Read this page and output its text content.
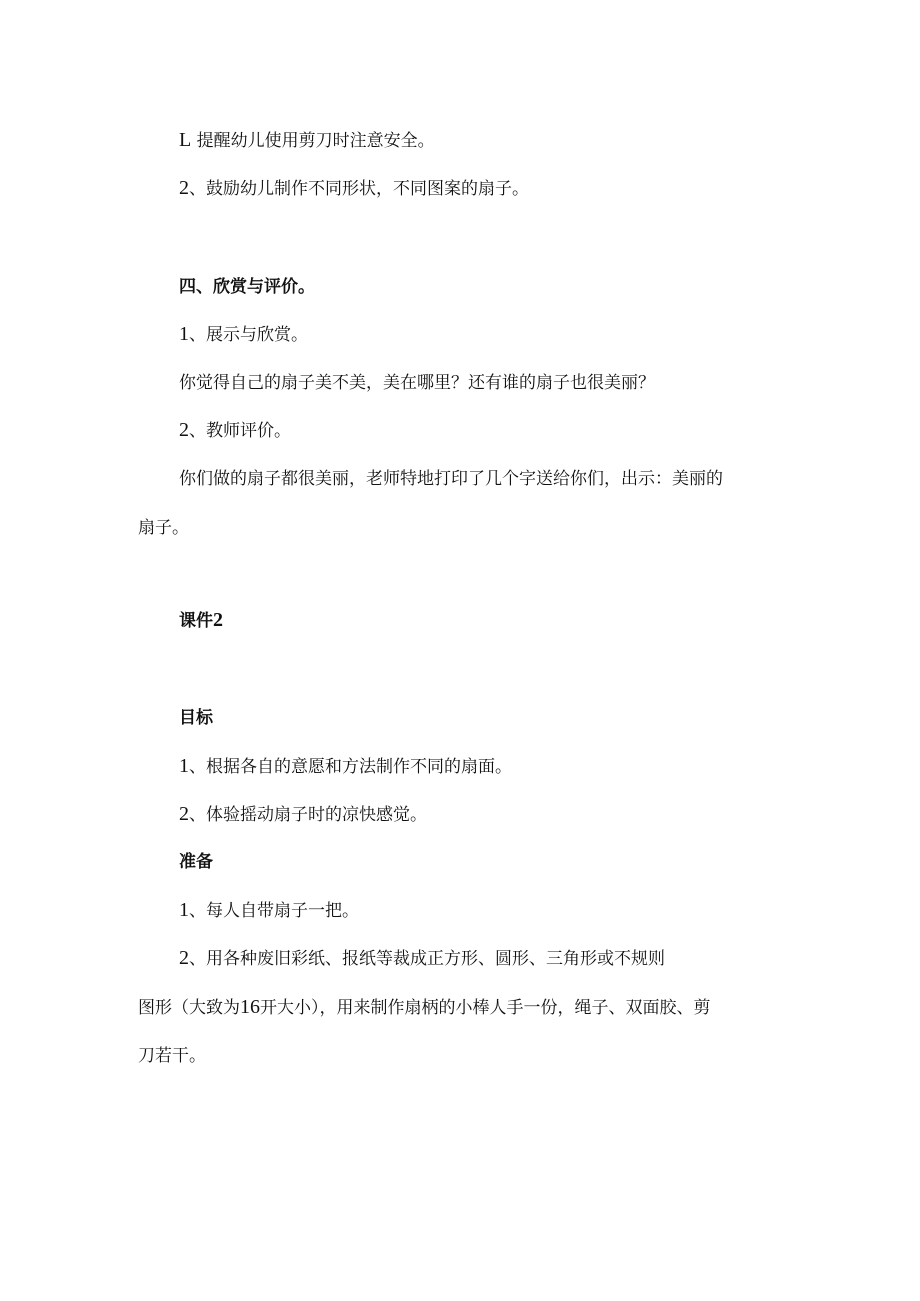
L 提醒幼儿使用剪刀时注意安全。

2、鼓励幼儿制作不同形状，不同图案的扇子。

四、欣赏与评价。

1、展示与欣赏。

你觉得自己的扇子美不美，美在哪里？还有谁的扇子也很美丽？

2、教师评价。

你们做的扇子都很美丽，老师特地打印了几个字送给你们，出示：美丽的

扇子。

课件2

目标

1、根据各自的意愿和方法制作不同的扇面。

2、体验摇动扇子时的凉快感觉。

准备

1、每人自带扇子一把。

2、用各种废旧彩纸、报纸等裁成正方形、圆形、三角形或不规则

图形（大致为16开大小），用来制作扇柄的小棒人手一份，绳子、双面胶、剪

刀若干。
